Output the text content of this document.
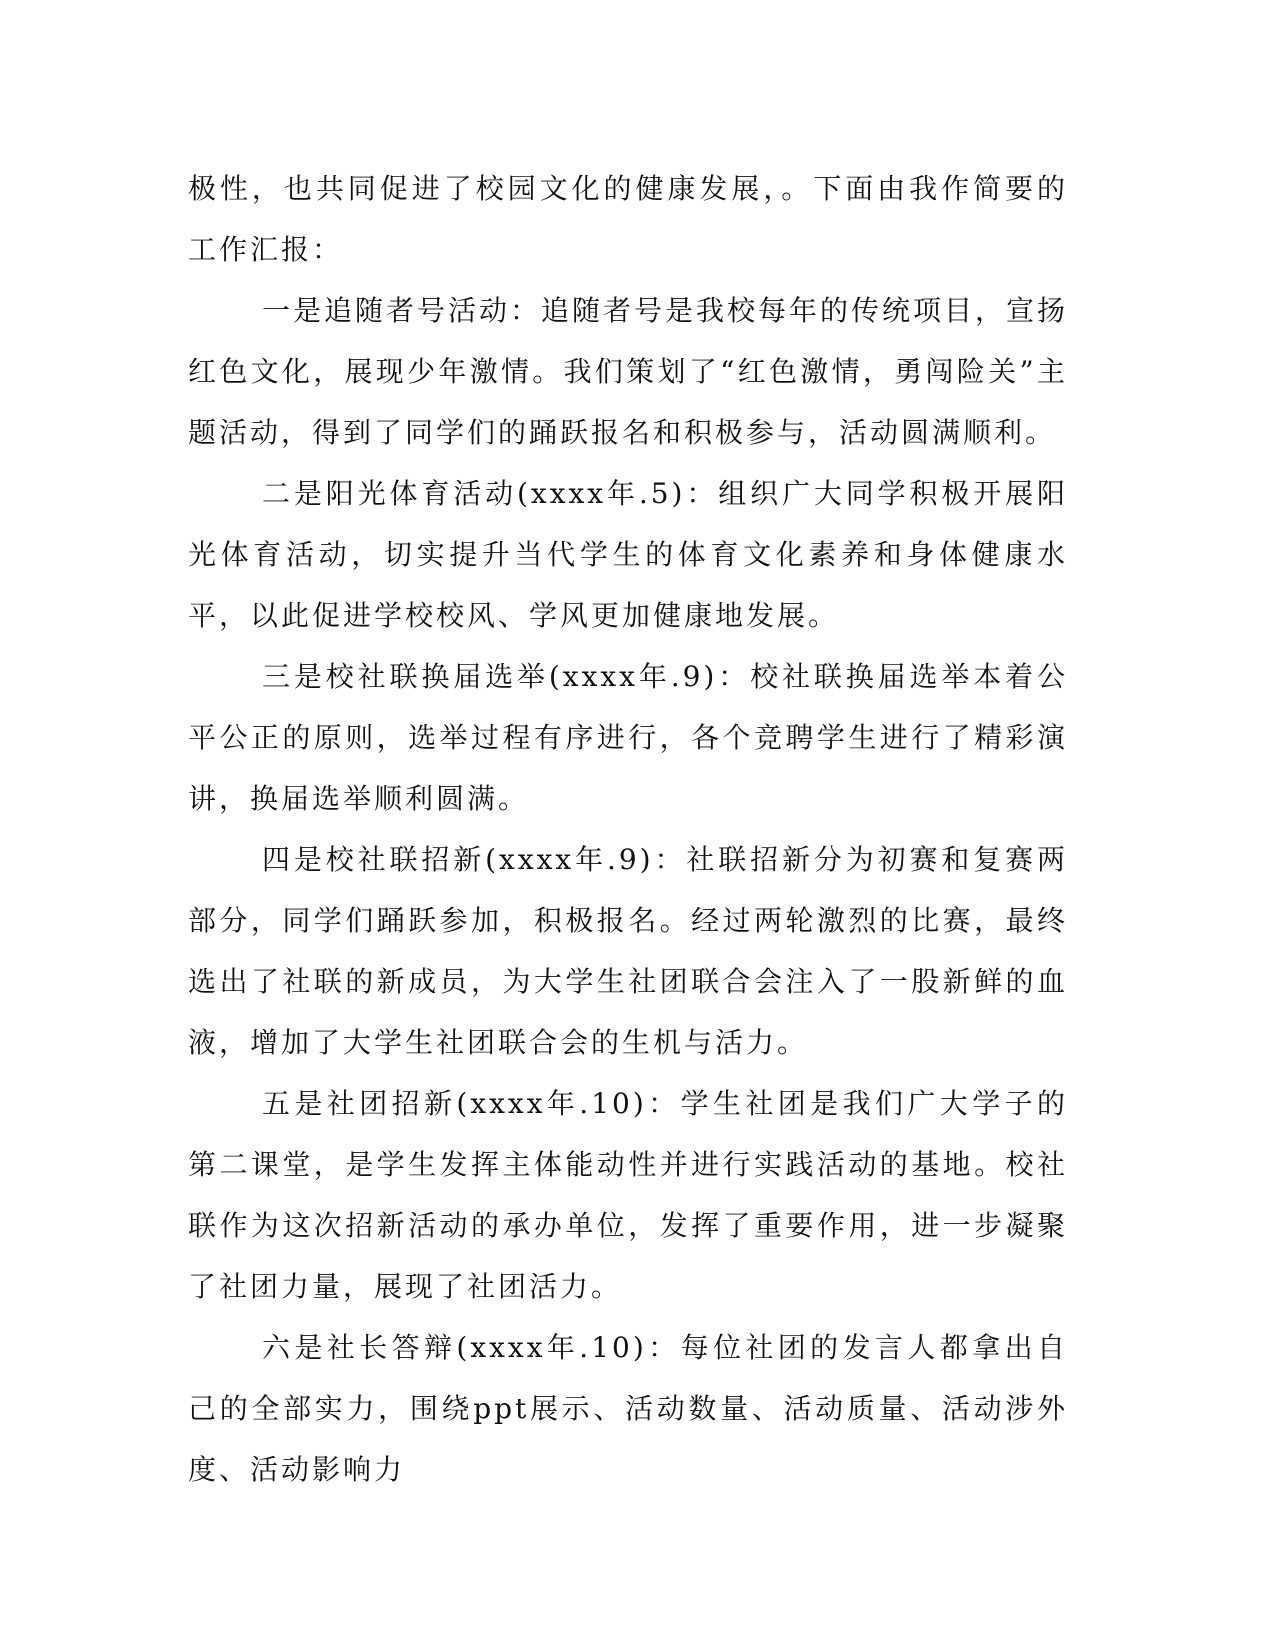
极性，也共同促进了校园文化的健康发展，。下面由我作简要的工作汇报：

一是追随者号活动：追随者号是我校每年的传统项目，宣扬红色文化，展现少年激情。我们策划了“红色激情，勇闯险关”主题活动，得到了同学们的踊跃报名和积极参与，活动圆满顺利。

二是阳光体育活动(xxxx年.5)：组织广大同学积极开展阳光体育活动，切实提升当代学生的体育文化素养和身体健康水平，以此促进学校校风、学风更加健康地发展。

三是校社联换届选举(xxxx年.9)：校社联换届选举本着公平公正的原则，选举过程有序进行，各个竞聘学生进行了精彩演讲，换届选举顺利圆满。

四是校社联招新(xxxx年.9)：社联招新分为初赛和复赛两部分，同学们踊跃参加，积极报名。经过两轮激烈的比赛，最终选出了社联的新成员，为大学生社团联合会注入了一股新鲜的血液，增加了大学生社团联合会的生机与活力。

五是社团招新(xxxx年.10)：学生社团是我们广大学子的第二课堂，是学生发挥主体能动性并进行实践活动的基地。校社联作为这次招新活动的承办单位，发挥了重要作用，进一步凝聚了社团力量，展现了社团活力。

六是社长答辩(xxxx年.10)：每位社团的发言人都拿出自己的全部实力，围绕ppt展示、活动数量、活动质量、活动涉外度、活动影响力
